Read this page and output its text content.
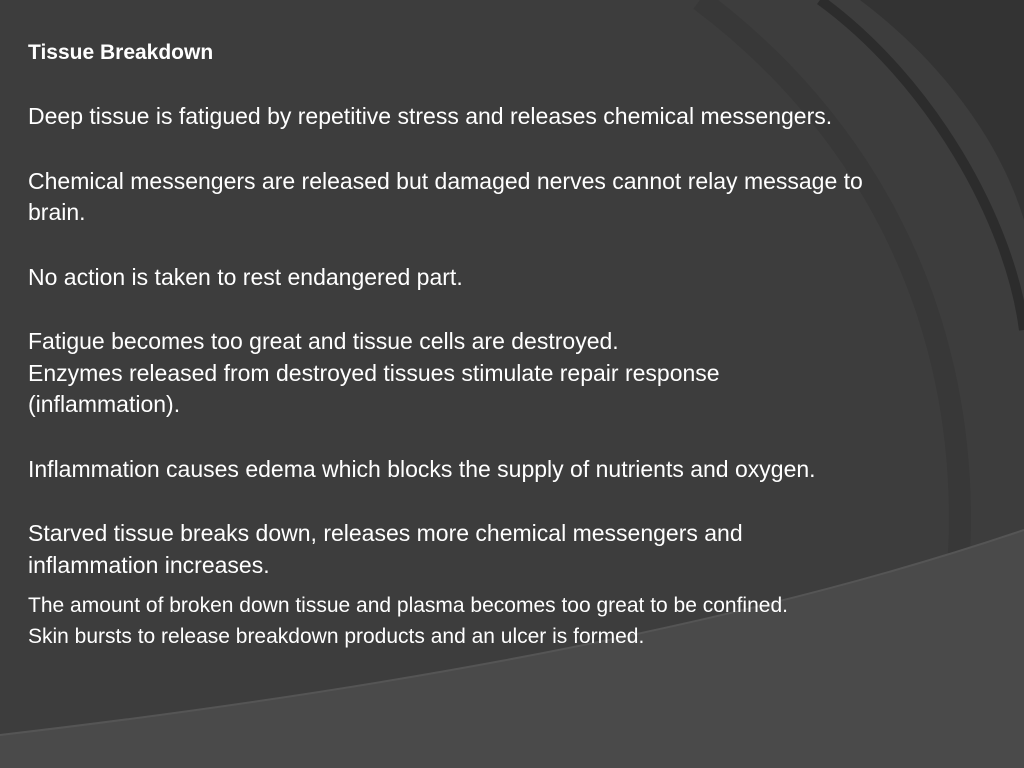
Tissue Breakdown
Deep tissue is fatigued by repetitive stress and releases chemical messengers.
Chemical messengers are released but damaged nerves cannot relay message to
brain.
No action is taken to rest endangered part.
Fatigue becomes too great and tissue cells are destroyed.
Enzymes released from destroyed tissues stimulate repair response
(inflammation).
Inflammation causes edema which blocks the supply of nutrients and oxygen.
Starved tissue breaks down, releases more chemical messengers and
inflammation increases.
The amount of broken down tissue and plasma becomes too great to be confined.
Skin bursts to release breakdown products and an ulcer is formed.
